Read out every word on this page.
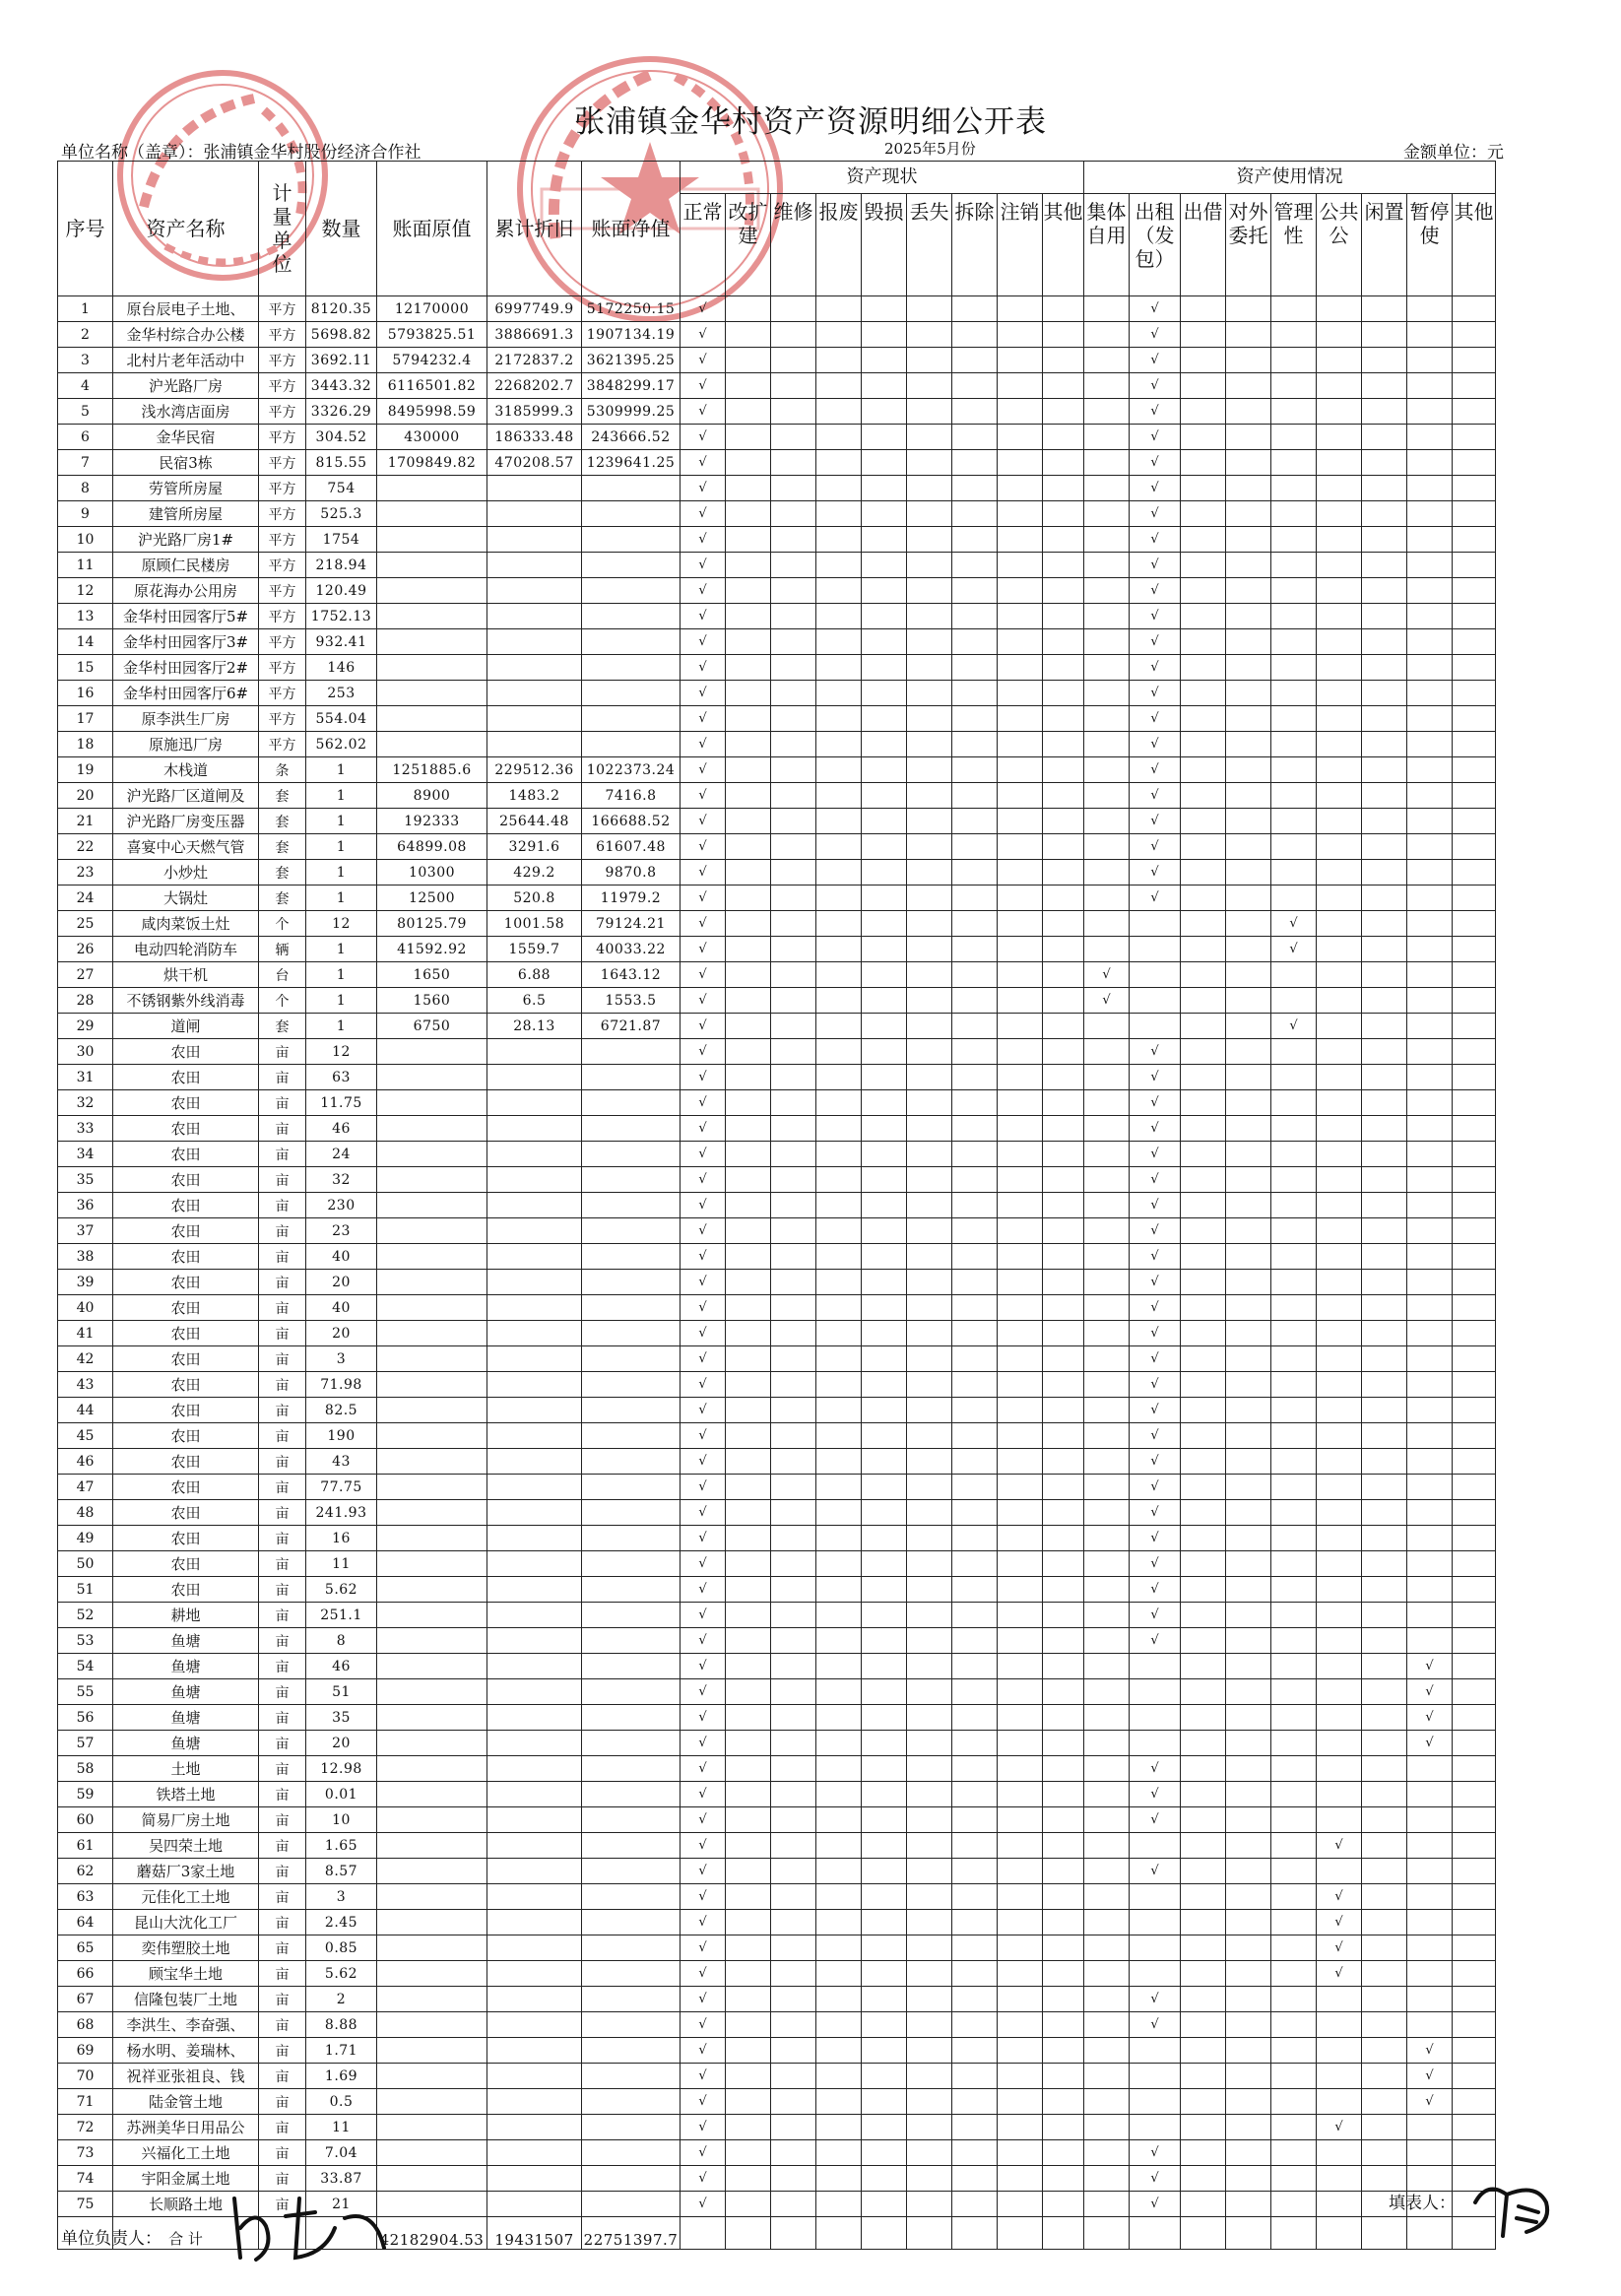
张浦镇金华村资产资源明细公开表
单位名称（盖章）：张浦镇金华村股份经济合作社	2025年5月份	金额单位：元
序号	资产名称	计量单位	数量	账面原值	累计折旧	账面净值	资产现状									资产使用情况								
							正常	改扩建	维修	报废	毁损	丢失	拆除	注销	其他	集体自用	出租（发包）	出借	对外委托	管理性	公共公	闲置	暂停使	其他
1	原台辰电子土地、	平方	8120.35	12170000	6997749.9	5172250.15	√										√							
2	金华村综合办公楼	平方	5698.82	5793825.51	3886691.3	1907134.19	√										√							
3	北村片老年活动中	平方	3692.11	5794232.4	2172837.2	3621395.25	√										√							
4	沪光路厂房	平方	3443.32	6116501.82	2268202.7	3848299.17	√										√							
5	浅水湾店面房	平方	3326.29	8495998.59	3185999.3	5309999.25	√										√							
6	金华民宿	平方	304.52	430000	186333.48	243666.52	√										√							
7	民宿3栋	平方	815.55	1709849.82	470208.57	1239641.25	√										√							
8	劳管所房屋	平方	754				√										√							
9	建管所房屋	平方	525.3				√										√							
10	沪光路厂房1#	平方	1754				√										√							
11	原顾仁民楼房	平方	218.94				√										√							
12	原花海办公用房	平方	120.49				√										√							
13	金华村田园客厅5#	平方	1752.13				√										√							
14	金华村田园客厅3#	平方	932.41				√										√							
15	金华村田园客厅2#	平方	146				√										√							
16	金华村田园客厅6#	平方	253				√										√							
17	原李洪生厂房	平方	554.04				√										√							
18	原施迅厂房	平方	562.02				√										√							
19	木栈道	条	1	1251885.6	229512.36	1022373.24	√										√							
20	沪光路厂区道闸及	套	1	8900	1483.2	7416.8	√										√							
21	沪光路厂房变压器	套	1	192333	25644.48	166688.52	√										√							
22	喜宴中心天燃气管	套	1	64899.08	3291.6	61607.48	√										√							
23	小炒灶	套	1	10300	429.2	9870.8	√										√							
24	大锅灶	套	1	12500	520.8	11979.2	√										√							
25	咸肉菜饭土灶	个	12	80125.79	1001.58	79124.21	√													√				
26	电动四轮消防车	辆	1	41592.92	1559.7	40033.22	√													√				
27	烘干机	台	1	1650	6.88	1643.12	√									√								
28	不锈钢紫外线消毒	个	1	1560	6.5	1553.5	√									√								
29	道闸	套	1	6750	28.13	6721.87	√													√				
30	农田	亩	12				√										√							
31	农田	亩	63				√										√							
32	农田	亩	11.75				√										√							
33	农田	亩	46				√										√							
34	农田	亩	24				√										√							
35	农田	亩	32				√										√							
36	农田	亩	230				√										√							
37	农田	亩	23				√										√							
38	农田	亩	40				√										√							
39	农田	亩	20				√										√							
40	农田	亩	40				√										√							
41	农田	亩	20				√										√							
42	农田	亩	3				√										√							
43	农田	亩	71.98				√										√							
44	农田	亩	82.5				√										√							
45	农田	亩	190				√										√							
46	农田	亩	43				√										√							
47	农田	亩	77.75				√										√							
48	农田	亩	241.93				√										√							
49	农田	亩	16				√										√							
50	农田	亩	11				√										√							
51	农田	亩	5.62				√										√							
52	耕地	亩	251.1				√										√							
53	鱼塘	亩	8				√										√							
54	鱼塘	亩	46				√																√	
55	鱼塘	亩	51				√																√	
56	鱼塘	亩	35				√																√	
57	鱼塘	亩	20				√																√	
58	土地	亩	12.98				√										√							
59	铁塔土地	亩	0.01				√										√							
60	简易厂房土地	亩	10				√										√							
61	吴四荣土地	亩	1.65				√														√			
62	蘑菇厂3家土地	亩	8.57				√										√							
63	元佳化工土地	亩	3				√														√			
64	昆山大沈化工厂	亩	2.45				√														√			
65	奕伟塑胶土地	亩	0.85				√														√			
66	顾宝华土地	亩	5.62				√														√			
67	信隆包装厂土地	亩	2				√										√							
68	李洪生、李奋强、	亩	8.88				√										√							
69	杨水明、姜瑞林、	亩	1.71				√																√	
70	祝祥亚张祖良、钱	亩	1.69				√																√	
71	陆金管土地	亩	0.5				√																√	
72	苏洲美华日用品公	亩	11				√														√			
73	兴福化工土地	亩	7.04				√										√							
74	宇阳金属土地	亩	33.87				√										√							
75	长顺路土地	亩	21				√										√							
	合 计			42182904.53	19431507	22751397.7																		
单位负责人：
填表人：
